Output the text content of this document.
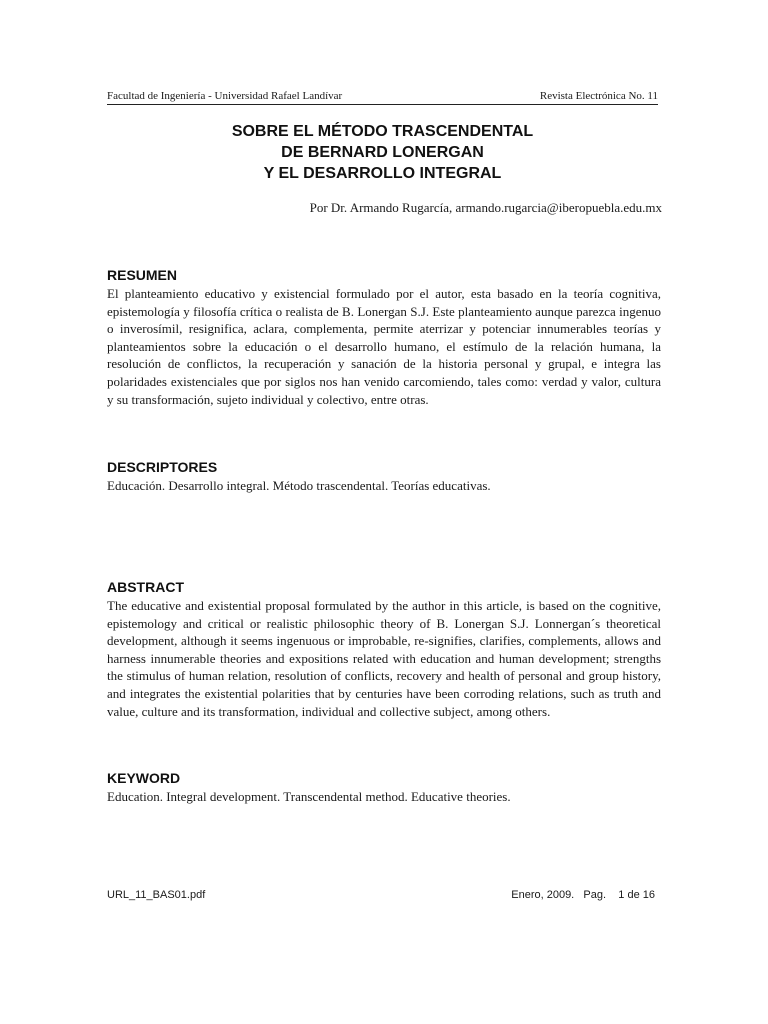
Facultad de Ingeniería - Universidad Rafael Landívar	Revista Electrónica No. 11
SOBRE EL MÉTODO TRASCENDENTAL
DE BERNARD LONERGAN
Y EL DESARROLLO INTEGRAL
Por Dr. Armando Rugarcía, armando.rugarcia@iberopuebla.edu.mx
RESUMEN

El planteamiento educativo y existencial formulado por el autor, esta basado en la teoría cognitiva, epistemología y filosofía crítica o realista de B. Lonergan S.J. Este planteamiento aunque parezca ingenuo o inverosímil, resignifica, aclara, complementa, permite aterrizar y potenciar innumerables teorías y planteamientos sobre la educación o el desarrollo humano, el estímulo de la relación humana, la resolución de conflictos, la recuperación y sanación de la historia personal y grupal, e integra las polaridades existenciales que por siglos nos han venido carcomiendo, tales como: verdad y valor, cultura y su transformación, sujeto individual y colectivo, entre otras.

DESCRIPTORES

Educación. Desarrollo integral. Método trascendental. Teorías educativas.

ABSTRACT

The educative and existential proposal formulated by the author in this article, is based on the cognitive, epistemology and critical or realistic philosophic theory of B. Lonergan S.J. Lonnergan´s theoretical development, although it seems ingenuous or improbable, re-signifies, clarifies, complements, allows and harness innumerable theories and expositions related with education and human development; strengths the stimulus of human relation, resolution of conflicts, recovery and health of personal and group history, and integrates the existential polarities that by centuries have been corroding relations, such as truth and value, culture and its transformation, individual and collective subject, among others.

KEYWORD

Education. Integral development. Transcendental method. Educative theories.

URL_11_BAS01.pdf	Enero, 2009. Pag. 1 de 16
